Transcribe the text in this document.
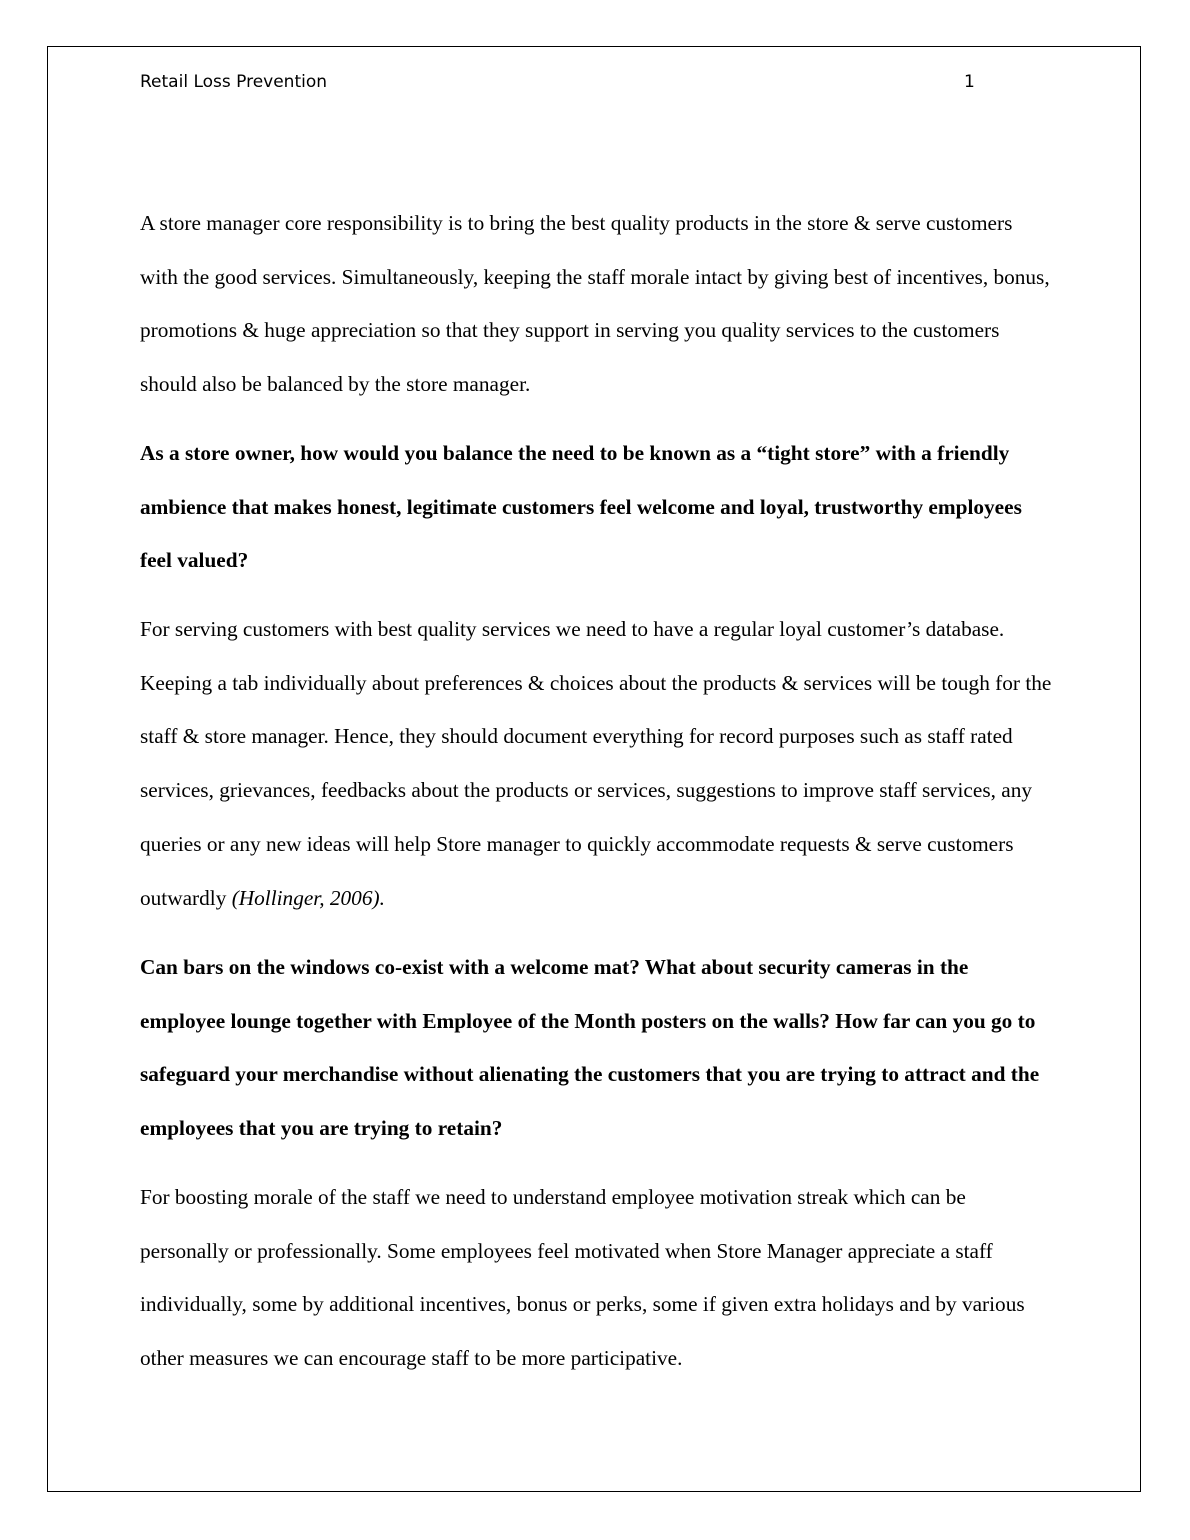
Retail Loss Prevention	1

A store manager core responsibility is to bring the best quality products in the store & serve customers with the good services. Simultaneously, keeping the staff morale intact by giving best of incentives, bonus, promotions & huge appreciation so that they support in serving you quality services to the customers should also be balanced by the store manager.

As a store owner, how would you balance the need to be known as a “tight store” with a friendly ambience that makes honest, legitimate customers feel welcome and loyal, trustworthy employees feel valued?

For serving customers with best quality services we need to have a regular loyal customer’s database. Keeping a tab individually about preferences & choices about the products & services will be tough for the staff & store manager. Hence, they should document everything for record purposes such as staff rated services, grievances, feedbacks about the products or services, suggestions to improve staff services, any queries or any new ideas will help Store manager to quickly accommodate requests & serve customers outwardly (Hollinger, 2006).

Can bars on the windows co-exist with a welcome mat? What about security cameras in the employee lounge together with Employee of the Month posters on the walls? How far can you go to safeguard your merchandise without alienating the customers that you are trying to attract and the employees that you are trying to retain?

For boosting morale of the staff we need to understand employee motivation streak which can be personally or professionally. Some employees feel motivated when Store Manager appreciate a staff individually, some by additional incentives, bonus or perks, some if given extra holidays and by various other measures we can encourage staff to be more participative.
